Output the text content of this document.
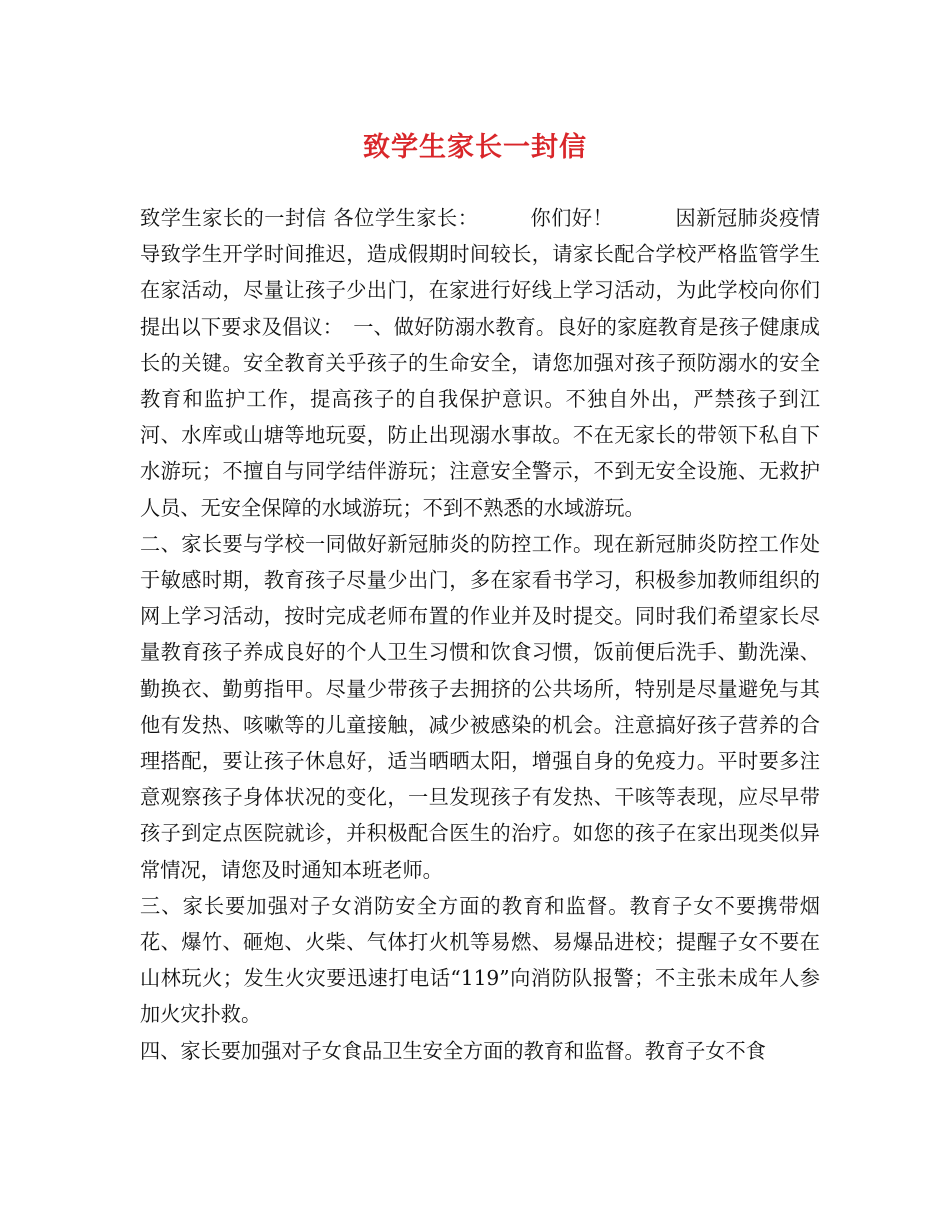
致学生家长一封信

致学生家长的一封信 各位学生家长：　　　你们好！　　　因新冠肺炎疫情导致学生开学时间推迟，造成假期时间较长，请家长配合学校严格监管学生在家活动，尽量让孩子少出门，在家进行好线上学习活动，为此学校向你们提出以下要求及倡议：　一、做好防溺水教育。良好的家庭教育是孩子健康成长的关键。安全教育关乎孩子的生命安全，请您加强对孩子预防溺水的安全教育和监护工作，提高孩子的自我保护意识。不独自外出，严禁孩子到江河、水库或山塘等地玩耍，防止出现溺水事故。不在无家长的带领下私自下水游玩；不擅自与同学结伴游玩；注意安全警示，不到无安全设施、无救护人员、无安全保障的水域游玩；不到不熟悉的水域游玩。

二、家长要与学校一同做好新冠肺炎的防控工作。现在新冠肺炎防控工作处于敏感时期，教育孩子尽量少出门，多在家看书学习，积极参加教师组织的网上学习活动，按时完成老师布置的作业并及时提交。同时我们希望家长尽量教育孩子养成良好的个人卫生习惯和饮食习惯，饭前便后洗手、勤洗澡、勤换衣、勤剪指甲。尽量少带孩子去拥挤的公共场所，特别是尽量避免与其他有发热、咳嗽等的儿童接触，减少被感染的机会。注意搞好孩子营养的合理搭配，要让孩子休息好，适当晒晒太阳，增强自身的免疫力。平时要多注意观察孩子身体状况的变化，一旦发现孩子有发热、干咳等表现，应尽早带孩子到定点医院就诊，并积极配合医生的治疗。如您的孩子在家出现类似异常情况，请您及时通知本班老师。

三、家长要加强对子女消防安全方面的教育和监督。教育子女不要携带烟花、爆竹、砸炮、火柴、气体打火机等易燃、易爆品进校；提醒子女不要在山林玩火；发生火灾要迅速打电话“119”向消防队报警；不主张未成年人参加火灾扑救。

四、家长要加强对子女食品卫生安全方面的教育和监督。教育子女不食
